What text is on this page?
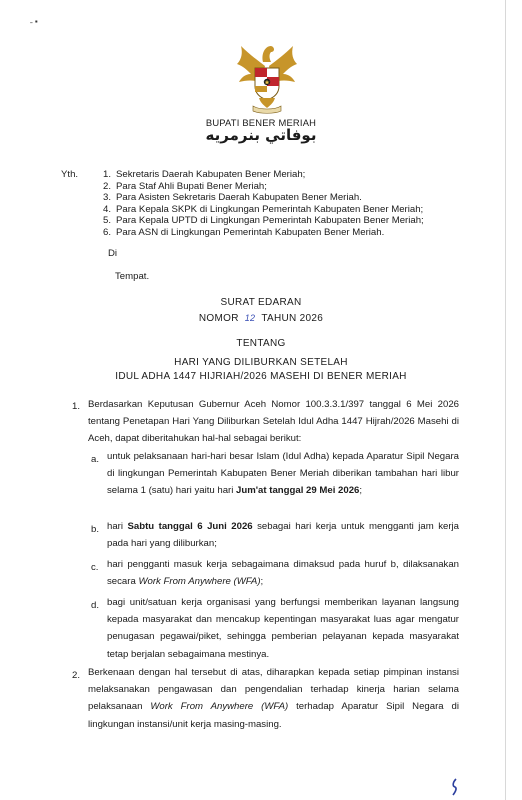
˗ ▪
BUPATI BENER MERIAH
بوفاتي بنرمريه
Yth.	1. Sekretaris Daerah Kabupaten Bener Meriah;
2. Para Staf Ahli Bupati Bener Meriah;
3. Para Asisten Sekretaris Daerah Kabupaten Bener Meriah.
4. Para Kepala SKPK di Lingkungan Pemerintah Kabupaten Bener Meriah;
5. Para Kepala UPTD di Lingkungan Pemerintah Kabupaten Bener Meriah;
6. Para ASN di Lingkungan Pemerintah Kabupaten Bener Meriah.
Di
Tempat.
SURAT EDARAN
NOMOR 12 TAHUN 2026
TENTANG
HARI YANG DILIBURKAN SETELAH
IDUL ADHA 1447 HIJRIAH/2026 MASEHI DI BENER MERIAH
1. Berdasarkan Keputusan Gubernur Aceh Nomor 100.3.3.1/397 tanggal 6 Mei 2026 tentang Penetapan Hari Yang Diliburkan Setelah Idul Adha 1447 Hijrah/2026 Masehi di Aceh, dapat diberitahukan hal-hal sebagai berikut:
a. untuk pelaksanaan hari-hari besar Islam (Idul Adha) kepada Aparatur Sipil Negara di lingkungan Pemerintah Kabupaten Bener Meriah diberikan tambahan hari libur selama 1 (satu) hari yaitu hari Jum'at tanggal 29 Mei 2026;
b. hari Sabtu tanggal 6 Juni 2026 sebagai hari kerja untuk mengganti jam kerja pada hari yang diliburkan;
c. hari pengganti masuk kerja sebagaimana dimaksud pada huruf b, dilaksanakan secara Work From Anywhere (WFA);
d. bagi unit/satuan kerja organisasi yang berfungsi memberikan layanan langsung kepada masyarakat dan mencakup kepentingan masyarakat luas agar mengatur penugasan pegawai/piket, sehingga pemberian pelayanan kepada masyarakat tetap berjalan sebagaimana mestinya.
2. Berkenaan dengan hal tersebut di atas, diharapkan kepada setiap pimpinan instansi melaksanakan pengawasan dan pengendalian terhadap kinerja harian selama pelaksanaan Work From Anywhere (WFA) terhadap Aparatur Sipil Negara di lingkungan instansi/unit kerja masing-masing.
